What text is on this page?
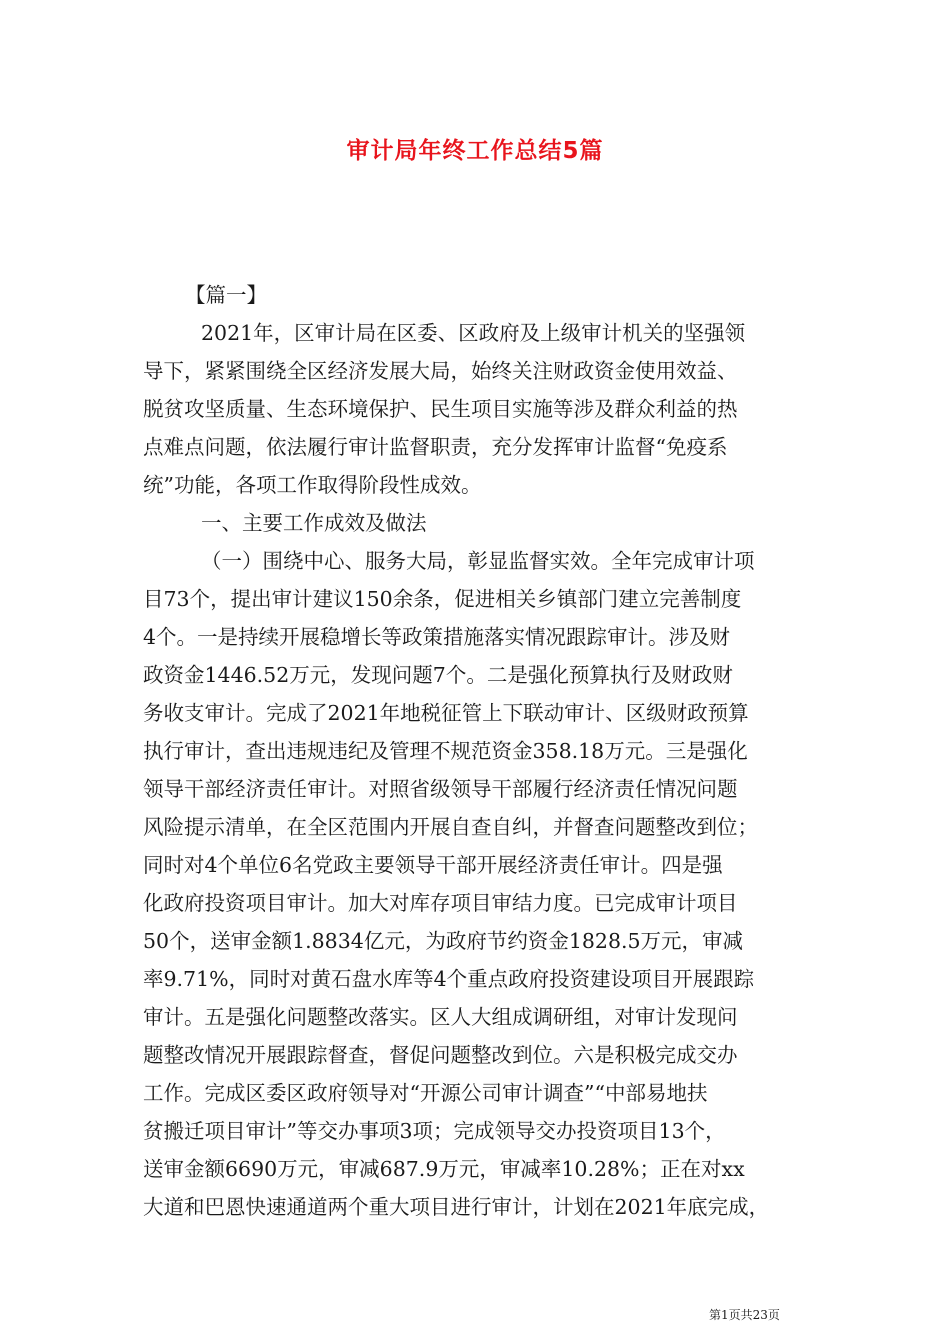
审计局年终工作总结5篇
【篇一】
2021年，区审计局在区委、区政府及上级审计机关的坚强领
导下，紧紧围绕全区经济发展大局，始终关注财政资金使用效益、
脱贫攻坚质量、生态环境保护、民生项目实施等涉及群众利益的热
点难点问题，依法履行审计监督职责，充分发挥审计监督“免疫系
统”功能，各项工作取得阶段性成效。
一、主要工作成效及做法
（一）围绕中心、服务大局，彰显监督实效。全年完成审计项
目73个，提出审计建议150余条，促进相关乡镇部门建立完善制度
4个。一是持续开展稳增长等政策措施落实情况跟踪审计。涉及财
政资金1446.52万元，发现问题7个。二是强化预算执行及财政财
务收支审计。完成了2021年地税征管上下联动审计、区级财政预算
执行审计，查出违规违纪及管理不规范资金358.18万元。三是强化
领导干部经济责任审计。对照省级领导干部履行经济责任情况问题
风险提示清单，在全区范围内开展自查自纠，并督查问题整改到位；
同时对4个单位6名党政主要领导干部开展经济责任审计。四是强
化政府投资项目审计。加大对库存项目审结力度。已完成审计项目
50个，送审金额1.8834亿元，为政府节约资金1828.5万元，审减
率9.71%，同时对黄石盘水库等4个重点政府投资建设项目开展跟踪
审计。五是强化问题整改落实。区人大组成调研组，对审计发现问
题整改情况开展跟踪督查，督促问题整改到位。六是积极完成交办
工作。完成区委区政府领导对“开源公司审计调查”“中部易地扶
贫搬迁项目审计”等交办事项3项；完成领导交办投资项目13个，
送审金额6690万元，审减687.9万元，审减率10.28%；正在对xx
大道和巴恩快速通道两个重大项目进行审计，计划在2021年底完成，
第1页共23页
